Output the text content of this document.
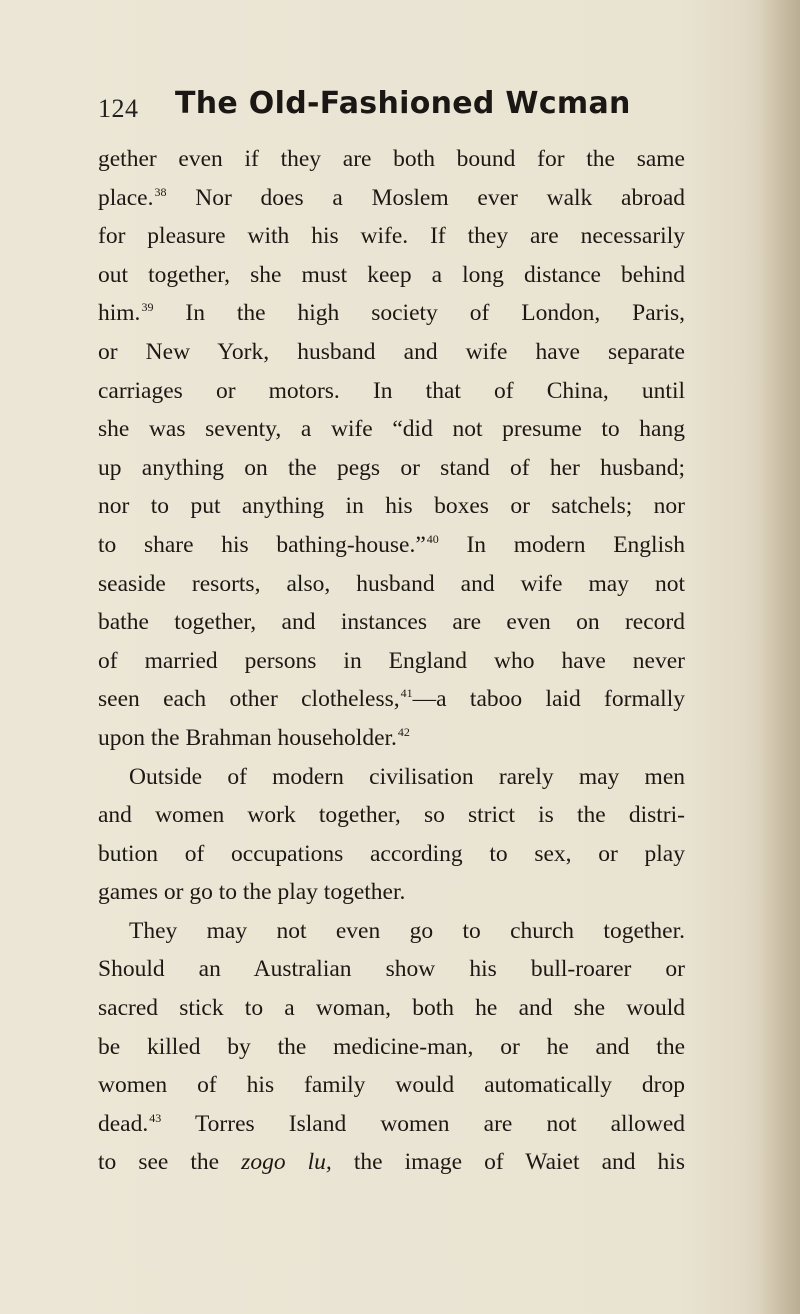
124 The Old-Fashioned Wcman
gether even if they are both bound for the same
place.$^{38}$ Nor does a Moslem ever walk abroad
for pleasure with his wife. If they are necessarily
out together, she must keep a long distance behind
him.$^{39}$ In the high society of London, Paris,
or New York, husband and wife have separate
carriages or motors. In that of China, until
she was seventy, a wife “did not presume to hang
up anything on the pegs or stand of her husband;
nor to put anything in his boxes or satchels; nor
to share his bathing-house.”$^{40}$ In modern English
seaside resorts, also, husband and wife may not
bathe together, and instances are even on record
of married persons in England who have never
seen each other clotheless,$^{41}$—a taboo laid formally
upon the Brahman householder.$^{42}$
Outside of modern civilisation rarely may men
and women work together, so strict is the distri-
bution of occupations according to sex, or play
games or go to the play together.
They may not even go to church together.
Should an Australian show his bull-roarer or
sacred stick to a woman, both he and she would
be killed by the medicine-man, or he and the
women of his family would automatically drop
dead.$^{43}$ Torres Island women are not allowed
to see the zogo lu, the image of Waiet and his
